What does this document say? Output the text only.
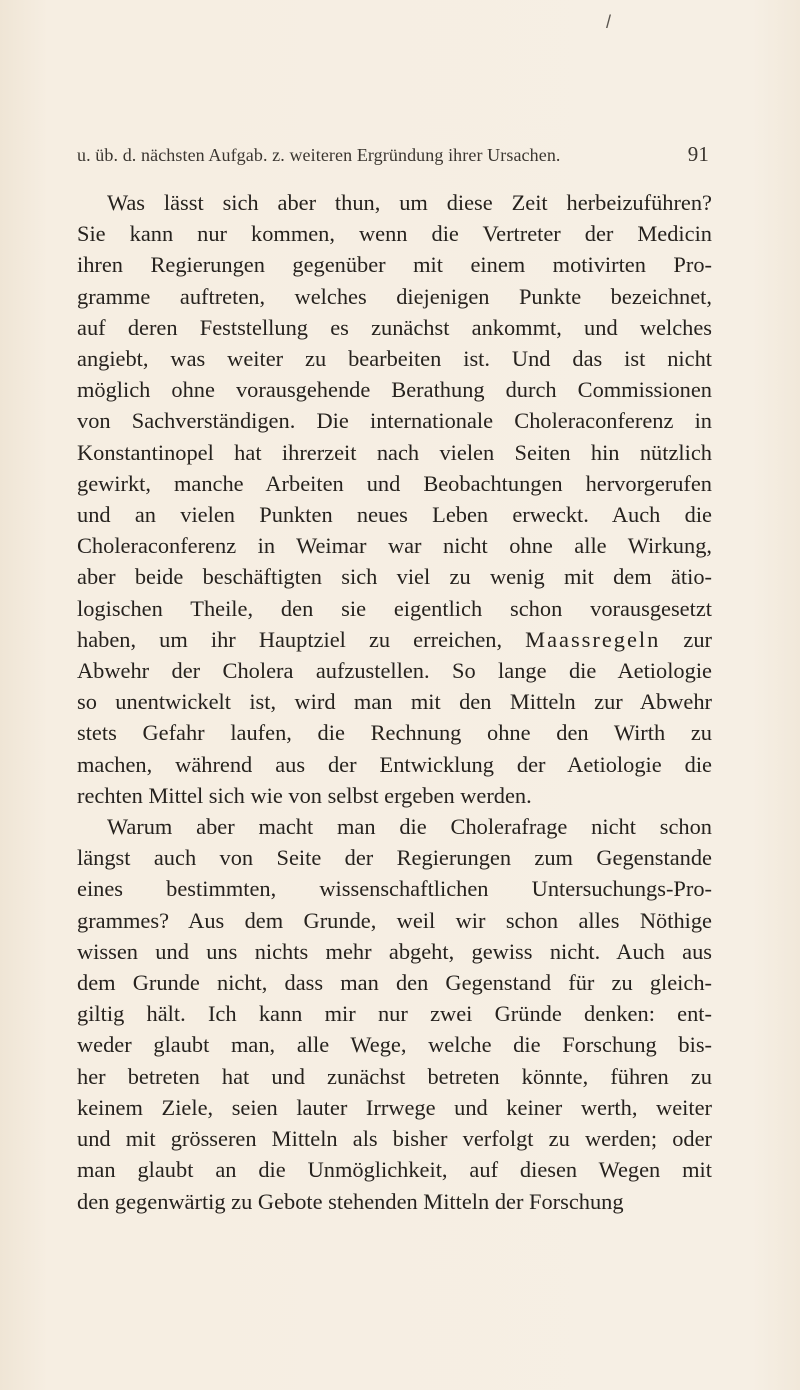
/
u. üb. d. nächsten Aufgab. z. weiteren Ergründung ihrer Ursachen.	91
Was lässt sich aber thun, um diese Zeit herbeizuführen?
Sie kann nur kommen, wenn die Vertreter der Medicin
ihren Regierungen gegenüber mit einem motivirten Pro-
gramme auftreten, welches diejenigen Punkte bezeichnet,
auf deren Feststellung es zunächst ankommt, und welches
angiebt, was weiter zu bearbeiten ist. Und das ist nicht
möglich ohne vorausgehende Berathung durch Commissionen
von Sachverständigen. Die internationale Choleraconferenz in
Konstantinopel hat ihrerzeit nach vielen Seiten hin nützlich
gewirkt, manche Arbeiten und Beobachtungen hervorgerufen
und an vielen Punkten neues Leben erweckt. Auch die
Choleraconferenz in Weimar war nicht ohne alle Wirkung,
aber beide beschäftigten sich viel zu wenig mit dem ätio-
logischen Theile, den sie eigentlich schon vorausgesetzt
haben, um ihr Hauptziel zu erreichen, Maassregeln zur
Abwehr der Cholera aufzustellen. So lange die Aetiologie
so unentwickelt ist, wird man mit den Mitteln zur Abwehr
stets Gefahr laufen, die Rechnung ohne den Wirth zu
machen, während aus der Entwicklung der Aetiologie die
rechten Mittel sich wie von selbst ergeben werden.
Warum aber macht man die Cholerafrage nicht schon
längst auch von Seite der Regierungen zum Gegenstande
eines bestimmten, wissenschaftlichen Untersuchungs-Pro-
grammes? Aus dem Grunde, weil wir schon alles Nöthige
wissen und uns nichts mehr abgeht, gewiss nicht. Auch aus
dem Grunde nicht, dass man den Gegenstand für zu gleich-
giltig hält. Ich kann mir nur zwei Gründe denken: ent-
weder glaubt man, alle Wege, welche die Forschung bis-
her betreten hat und zunächst betreten könnte, führen zu
keinem Ziele, seien lauter Irrwege und keiner werth, weiter
und mit grösseren Mitteln als bisher verfolgt zu werden; oder
man glaubt an die Unmöglichkeit, auf diesen Wegen mit
den gegenwärtig zu Gebote stehenden Mitteln der Forschung
